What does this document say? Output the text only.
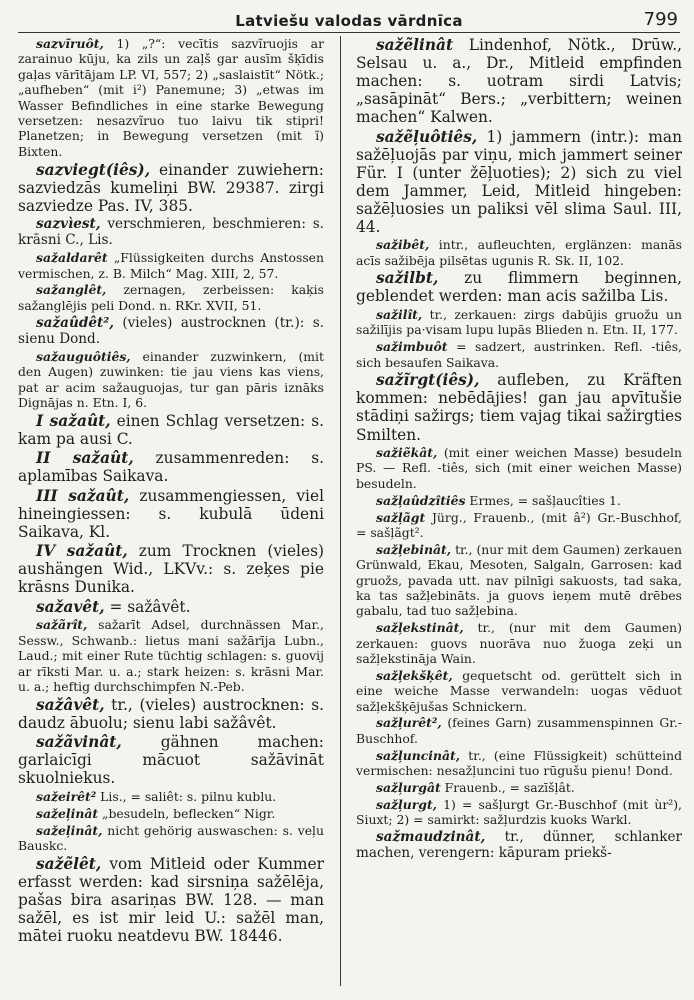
Latviešu valodas vārdnīca	799

sazvĩruôt, 1) „?“: vecītis sazvĩruojis ar zarainuo kūju, ka zils un zaļš gar ausīm šķīdis gaļas vārītājam LP. VI, 557; 2) „saslaistīt“ Nötk.; „aufheben“ (mit i²) Panemune; 3) „etwas im Wasser Befindliches in eine starke Bewegung versetzen: nesazvĩruo tuo laivu tik stipri! Planetzen; in Bewegung versetzen (mit ĩ) Bixten.

sazviegt(iês), einander zuwiehern: sazviedzās kumeliņi BW. 29387. zirgi sazviedze Pas. IV, 385.

sazvìest, verschmieren, beschmieren: s. krāsni C., Lis.

sažaldarêt „Flüssigkeiten durchs Anstossen vermischen, z. B. Milch“ Mag. XIII, 2, 57.

sažanglêt, zernagen, zerbeissen: kaķis sažanglējis peli Dond. n. RKr. XVII, 51.

sažaûdêt², (vieles) austrocknen (tr.): s. sienu Dond.

sažauguôtiês, einander zuzwinkern, (mit den Augen) zuwinken: tie jau viens kas viens, pat ar acim sažauguojas, tur gan pāris iznāks Dignājas n. Etn. I, 6.

I sažaût, einen Schlag versetzen: s. kam pa ausi C.

II sažaût, zusammenreden: s. aplamības Saikava.

III sažaût, zusammengiessen, viel hineingiessen: s. kubulā ūdeni Saikava, Kl.

IV sažaût, zum Trocknen (vieles) aushängen Wid., LKVv.: s. zeķes pie krāsns Dunika.

sažavêt, = sažâvêt.

sažãrît, sažarīt Adsel, durchnässen Mar., Sessw., Schwanb.: lietus mani sažārīja Lubn., Laud.; mit einer Rute tüchtig schlagen: s. guovij ar rīksti Mar. u. a.; stark heizen: s. krāsni Mar. u. a.; heftig durchschimpfen N.-Peb.

sažâvêt, tr., (vieles) austrocknen: s. daudz ābuolu; sienu labi sažâvêt.

sažãvinât, gähnen machen: garlaicīgi mācuot sažāvināt skuolniekus.

sažeirêt² Lis., = saliêt: s. pilnu kublu.

sažeļinât „besudeln, beflecken“ Nigr.

sažeļinât, nicht gehörig auswaschen: s. veļu Bauskc.

sažẽlêt, vom Mitleid oder Kummer erfasst werden: kad sirsniņa sažēlēja, pašas bira asariņas BW. 128. — man sažēl, es ist mir leid U.: sažēl man, mātei ruoku neatdevu BW. 18446.

sažẽlinât Lindenhof, Nötk., Drūw., Selsau u. a., Dr., Mitleid empfinden machen: s. uotram sirdi Latvis; „sasāpināt“ Bers.; „verbittern; weinen machen“ Kalwen.

sažẽļuôtiês, 1) jammern (intr.): man sažēļuojās par viņu, mich jammert seiner Für. I (unter žēļuoties); 2) sich zu viel dem Jammer, Leid, Mitleid hingeben: sažēļuosies un paliksi vēl slima Saul. III, 44.

sažibêt, intr., aufleuchten, erglänzen: manās acīs sažibēja pilsētas ugunis R. Sk. II, 102.

sažilbt, zu flimmern beginnen, geblendet werden: man acis sažilba Lis.

sažilît, tr., zerkauen: zirgs dabūjis gruožu un sažilījis pa·visam lupu lupās Blieden n. Etn. II, 177.

sažimbuôt = sadzert, austrinken. Refl. -tiês, sich besaufen Saikava.

sažĩrgt(iês), aufleben, zu Kräften kommen: nebēdājies! gan jau apvītušie stādiņi sažirgs; tiem vajag tikai sažirgties Smilten.

sažiẽkât, (mit einer weichen Masse) besudeln PS. — Refl. -tiês, sich (mit einer weichen Masse) besudeln.

sažļaûdzîtiês Ermes, = sašļaucîties 1.

sažļãgt Jürg., Frauenb., (mit â²) Gr.-Buschhof, = sašļãgt².

sažļebinât, tr., (nur mit dem Gaumen) zerkauen Grünwald, Ekau, Mesoten, Salgaln, Garrosen: kad gruožs, pavada utt. nav pilnīgi sakuosts, tad saka, ka tas sažļebināts. ja guovs ieņem mutē drēbes gabalu, tad tuo sažļebina.

sažļekstinât, tr., (nur mit dem Gaumen) zerkauen: guovs nuorāva nuo žuoga zeķi un sažļekstināja Wain.

sažļekšķêt, gequetscht od. gerüttelt sich in eine weiche Masse verwandeln: uogas vēduot sažļekšķējušas Schnickern.

sažļurêt², (feines Garn) zusammenspinnen Gr.-Buschhof.

sažļuncinât, tr., (eine Flüssigkeit) schütteind vermischen: nesažļuncini tuo rūgušu pienu! Dond.

sažļurgât Frauenb., = sazīšļât.

sažļurgt, 1) = sašļurgt Gr.-Buschhof (mit ùr²), Siuxt; 2) = samirkt: sažļurdzis kuoks Warkl.

sažmaudzinât, tr., dünner, schlanker machen, verengern: kāpuram priekš-
